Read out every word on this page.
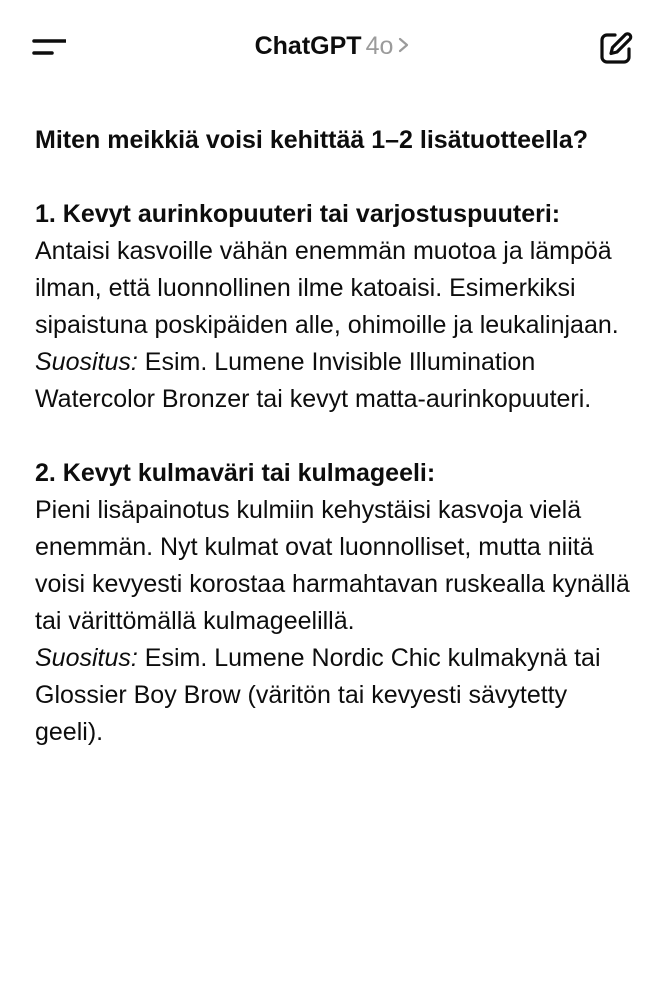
ChatGPT 4o

Miten meikkiä voisi kehittää 1–2 lisätuotteella?

1. Kevyt aurinkopuuteri tai varjostuspuuteri:

Antaisi kasvoille vähän enemmän muotoa ja lämpöä ilman, että luonnollinen ilme katoaisi. Esimerkiksi sipaistuna poskipäiden alle, ohimoille ja leukalinjaan.

Suositus: Esim. Lumene Invisible Illumination Watercolor Bronzer tai kevyt matta-aurinkopuuteri.

2. Kevyt kulmaväri tai kulmageeli:

Pieni lisäpainotus kulmiin kehystäisi kasvoja vielä enemmän. Nyt kulmat ovat luonnolliset, mutta niitä voisi kevyesti korostaa harmahtavan ruskealla kynällä tai värittömällä kulmageelillä.

Suositus: Esim. Lumene Nordic Chic kulmakynä tai Glossier Boy Brow (väritön tai kevyesti sävytetty geeli).
